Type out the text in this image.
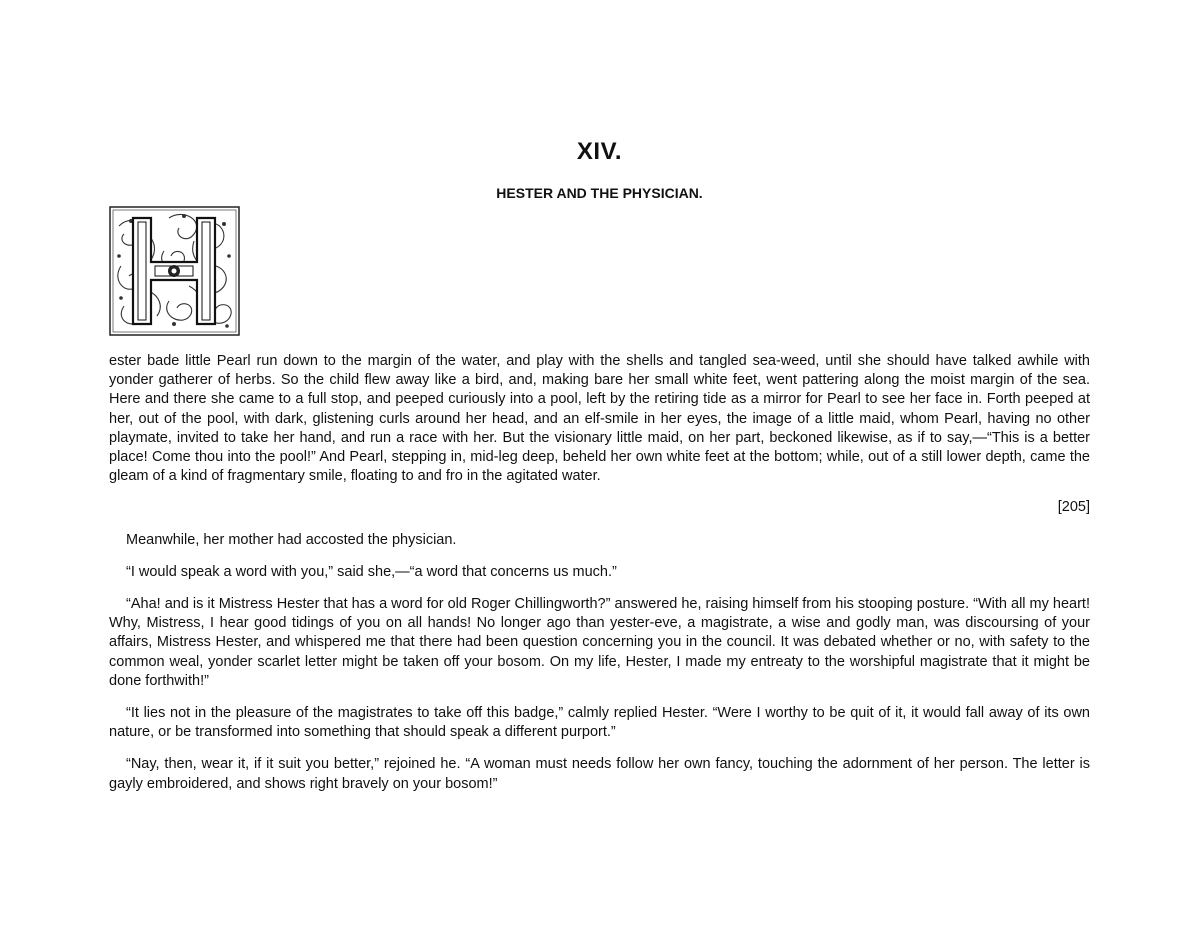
XIV.
HESTER AND THE PHYSICIAN.

ester bade little Pearl run down to the margin of the water, and play with the shells and tangled sea-weed, until she should have talked awhile with yonder gatherer of herbs. So the child flew away like a bird, and, making bare her small white feet, went pattering along the moist margin of the sea. Here and there she came to a full stop, and peeped curiously into a pool, left by the retiring tide as a mirror for Pearl to see her face in. Forth peeped at her, out of the pool, with dark, glistening curls around her head, and an elf-smile in her eyes, the image of a little maid, whom Pearl, having no other playmate, invited to take her hand, and run a race with her. But the visionary little maid, on her part, beckoned likewise, as if to say,—“This is a better place! Come thou into the pool!” And Pearl, stepping in, mid-leg deep, beheld her own white feet at the bottom; while, out of a still lower depth, came the gleam of a kind of fragmentary smile, floating to and fro in the agitated water.

[205]

Meanwhile, her mother had accosted the physician.

“I would speak a word with you,” said she,—“a word that concerns us much.”

“Aha! and is it Mistress Hester that has a word for old Roger Chillingworth?” answered he, raising himself from his stooping posture. “With all my heart! Why, Mistress, I hear good tidings of you on all hands! No longer ago than yester-eve, a magistrate, a wise and godly man, was discoursing of your affairs, Mistress Hester, and whispered me that there had been question concerning you in the council. It was debated whether or no, with safety to the common weal, yonder scarlet letter might be taken off your bosom. On my life, Hester, I made my entreaty to the worshipful magistrate that it might be done forthwith!”

“It lies not in the pleasure of the magistrates to take off this badge,” calmly replied Hester. “Were I worthy to be quit of it, it would fall away of its own nature, or be transformed into something that should speak a different purport.”

“Nay, then, wear it, if it suit you better,” rejoined he. “A woman must needs follow her own fancy, touching the adornment of her person. The letter is gayly embroidered, and shows right bravely on your bosom!”
